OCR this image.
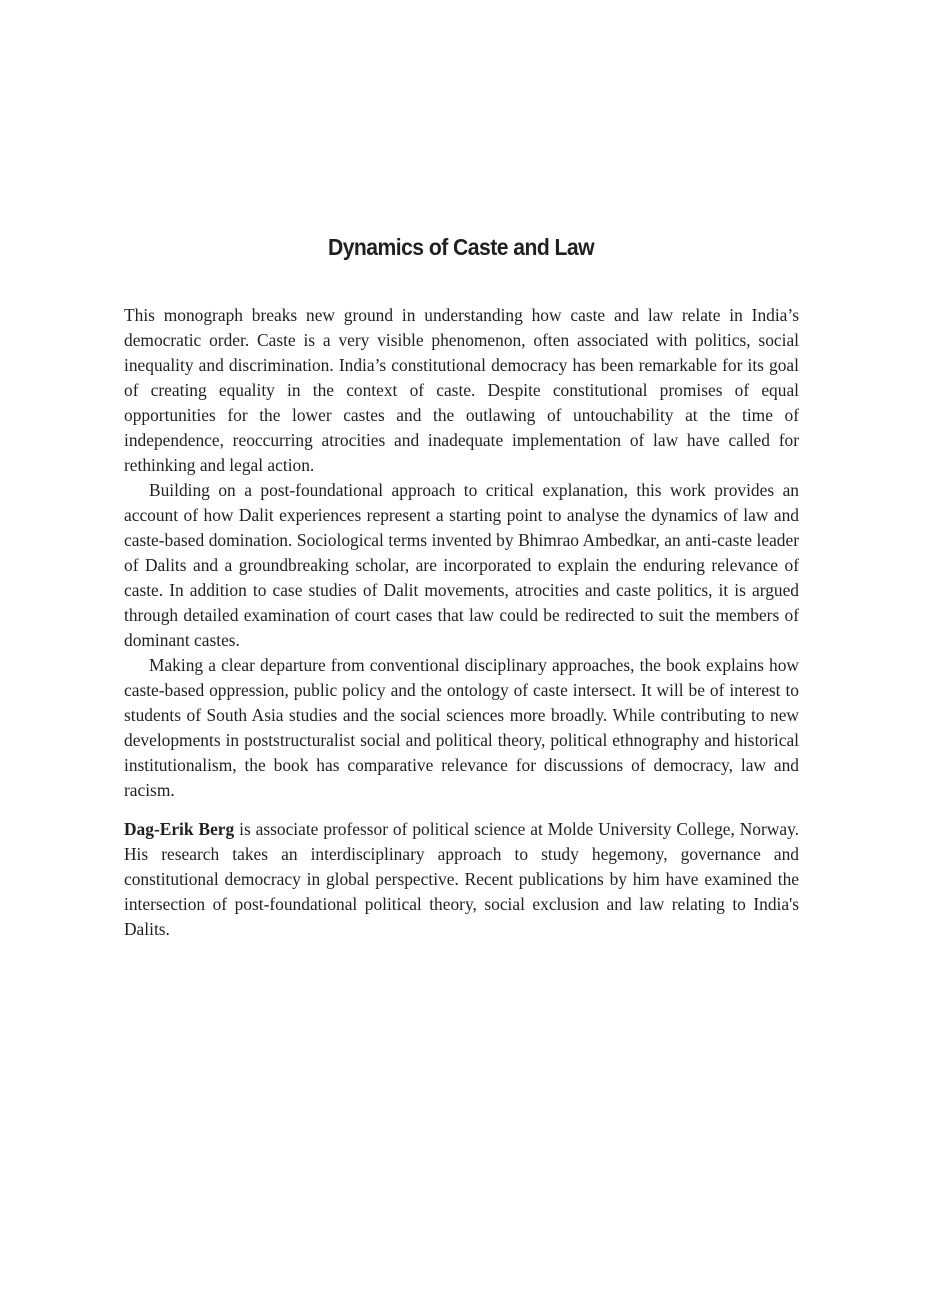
Dynamics of Caste and Law

This monograph breaks new ground in understanding how caste and law relate in India’s democratic order. Caste is a very visible phenomenon, often associated with politics, social inequality and discrimination. India’s constitutional democracy has been remarkable for its goal of creating equality in the context of caste. Despite constitutional promises of equal opportunities for the lower castes and the outlawing of untouchability at the time of independence, reoccurring atrocities and inadequate implementation of law have called for rethinking and legal action.

Building on a post-foundational approach to critical explanation, this work provides an account of how Dalit experiences represent a starting point to analyse the dynamics of law and caste-based domination. Sociological terms invented by Bhimrao Ambedkar, an anti-caste leader of Dalits and a groundbreaking scholar, are incorporated to explain the enduring relevance of caste. In addition to case studies of Dalit movements, atrocities and caste politics, it is argued through detailed examination of court cases that law could be redirected to suit the members of dominant castes.

Making a clear departure from conventional disciplinary approaches, the book explains how caste-based oppression, public policy and the ontology of caste intersect. It will be of interest to students of South Asia studies and the social sciences more broadly. While contributing to new developments in poststructuralist social and political theory, political ethnography and historical institutionalism, the book has comparative relevance for discussions of democracy, law and racism.

Dag-Erik Berg is associate professor of political science at Molde University College, Norway. His research takes an interdisciplinary approach to study hegemony, governance and constitutional democracy in global perspective. Recent publications by him have examined the intersection of post-foundational political theory, social exclusion and law relating to India's Dalits.
